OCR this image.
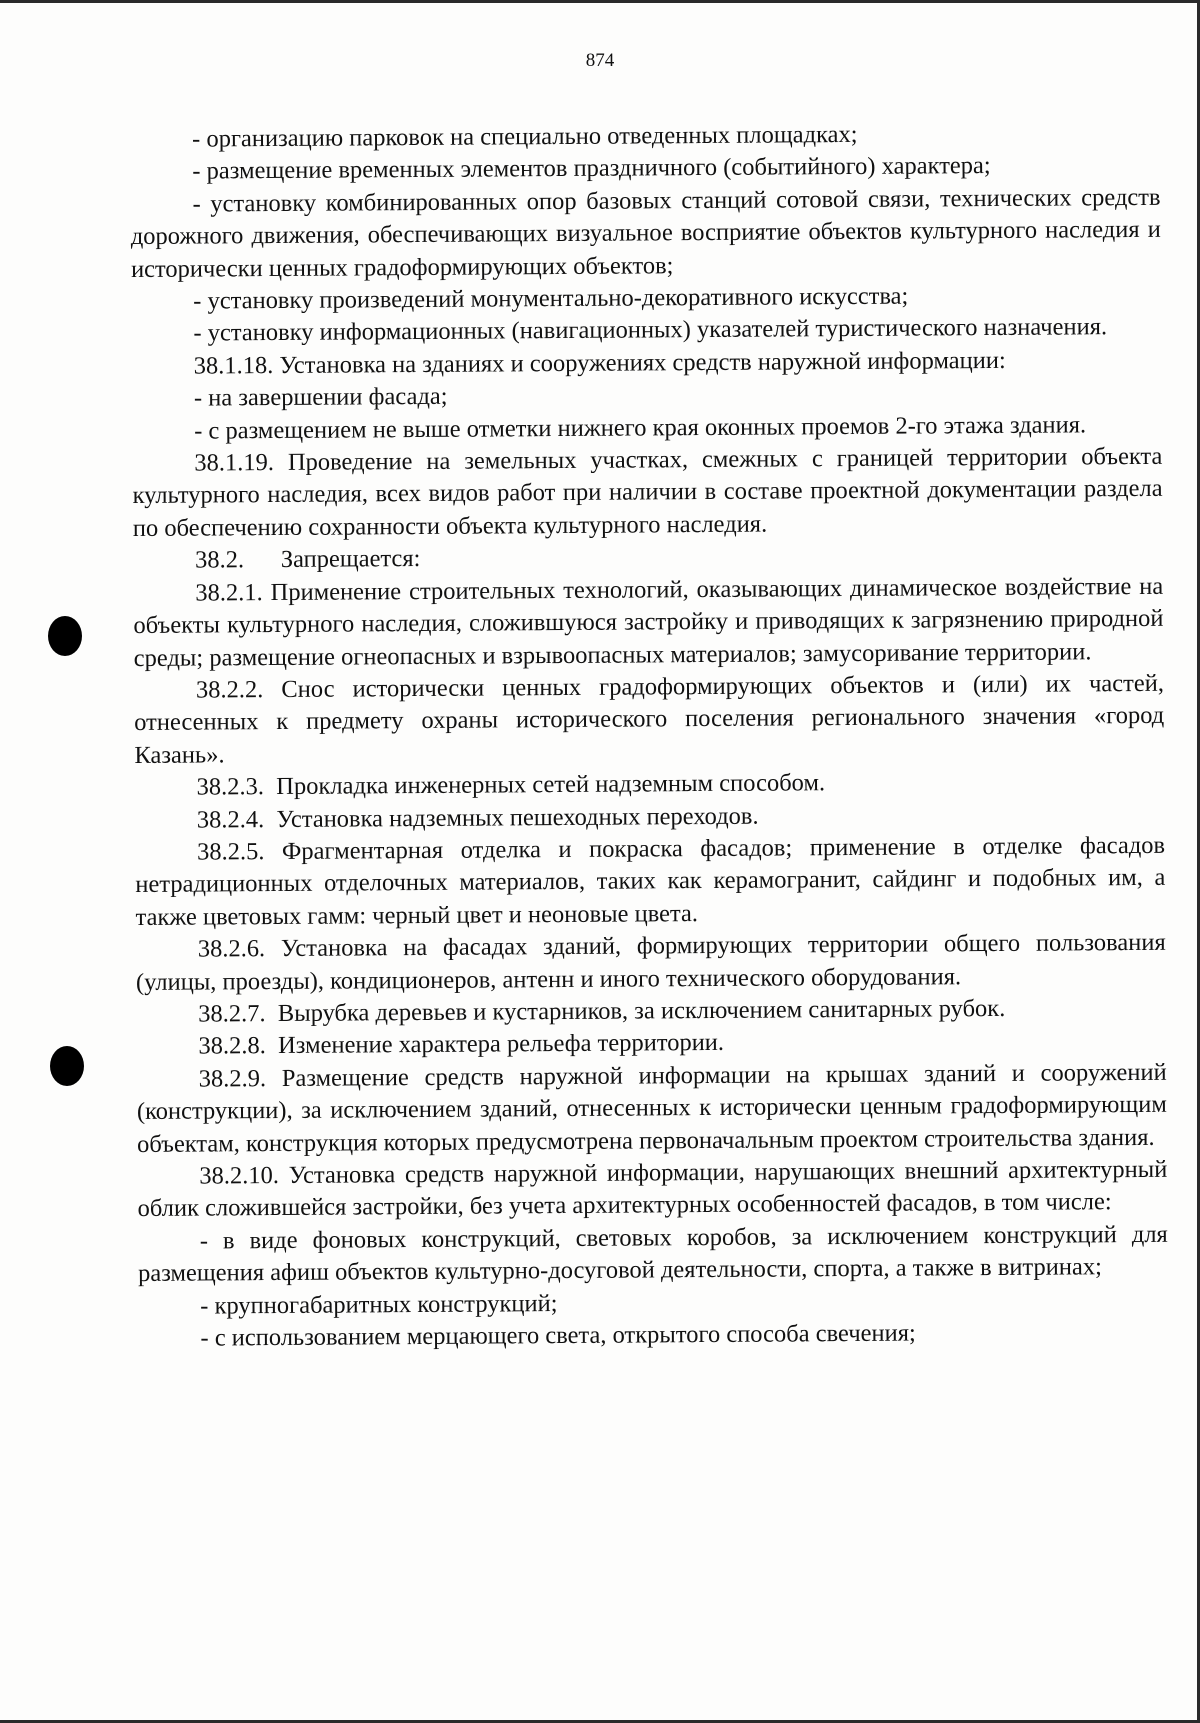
874

- организацию парковок на специально отведенных площадках;

- размещение временных элементов праздничного (событийного) характера;

- установку комбинированных опор базовых станций сотовой связи, технических средств дорожного движения, обеспечивающих визуальное восприятие объектов культурного наследия и исторически ценных градоформирующих объектов;

- установку произведений монументально-декоративного искусства;

- установку информационных (навигационных) указателей туристического назначения.

38.1.18. Установка на зданиях и сооружениях средств наружной информации:

- на завершении фасада;

- с размещением не выше отметки нижнего края оконных проемов 2-го этажа здания.

38.1.19. Проведение на земельных участках, смежных с границей территории объекта культурного наследия, всех видов работ при наличии в составе проектной документации раздела по обеспечению сохранности объекта культурного наследия.

38.2.  Запрещается:

38.2.1. Применение строительных технологий, оказывающих динамическое воздействие на объекты культурного наследия, сложившуюся застройку и приводящих к загрязнению природной среды; размещение огнеопасных и взрывоопасных материалов; замусоривание территории.

38.2.2. Снос исторически ценных градоформирующих объектов и (или) их частей, отнесенных к предмету охраны исторического поселения регионального значения «город Казань».

38.2.3. Прокладка инженерных сетей надземным способом.

38.2.4. Установка надземных пешеходных переходов.

38.2.5. Фрагментарная отделка и покраска фасадов; применение в отделке фасадов нетрадиционных отделочных материалов, таких как керамогранит, сайдинг и подобных им, а также цветовых гамм: черный цвет и неоновые цвета.

38.2.6. Установка на фасадах зданий, формирующих территории общего пользования (улицы, проезды), кондиционеров, антенн и иного технического оборудования.

38.2.7. Вырубка деревьев и кустарников, за исключением санитарных рубок.

38.2.8. Изменение характера рельефа территории.

38.2.9. Размещение средств наружной информации на крышах зданий и сооружений (конструкции), за исключением зданий, отнесенных к исторически ценным градоформирующим объектам, конструкция которых предусмотрена первоначальным проектом строительства здания.

38.2.10. Установка средств наружной информации, нарушающих внешний архитектурный облик сложившейся застройки, без учета архитектурных особенностей фасадов, в том числе:

- в виде фоновых конструкций, световых коробов, за исключением конструкций для размещения афиш объектов культурно-досуговой деятельности, спорта, а также в витринах;

- крупногабаритных конструкций;

- с использованием мерцающего света, открытого способа свечения;
